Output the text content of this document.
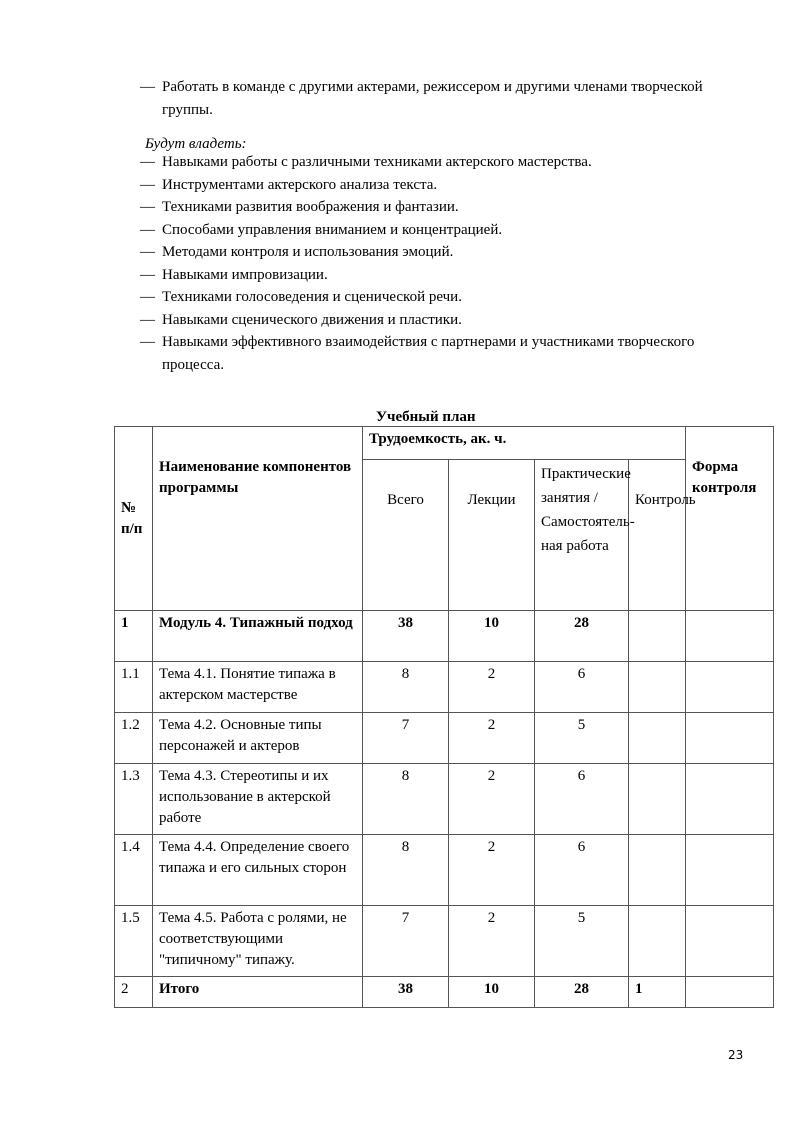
— Работать в команде с другими актерами, режиссером и другими членами творческой группы.
Будут владеть:
— Навыками работы с различными техниками актерского мастерства.
— Инструментами актерского анализа текста.
— Техниками развития воображения и фантазии.
— Способами управления вниманием и концентрацией.
— Методами контроля и использования эмоций.
— Навыками импровизации.
— Техниками голосоведения и сценической речи.
— Навыками сценического движения и пластики.
— Навыками эффективного взаимодействия с партнерами и участниками творческого процесса.
Учебный план
№ п/п	Наименование компонентов программы	Трудоемкость, ак. ч.				Форма контроля
		Всего	Лекции	Практические занятия / Самостоятель-ная работа	Контроль	
1	Модуль 4. Типажный подход	38	10	28		
1.1	Тема 4.1. Понятие типажа в актерском мастерстве	8	2	6		
1.2	Тема 4.2. Основные типы персонажей и актеров	7	2	5		
1.3	Тема 4.3. Стереотипы и их использование в актерской работе	8	2	6		
1.4	Тема 4.4. Определение своего типажа и его сильных сторон	8	2	6		
1.5	Тема 4.5. Работа с ролями, не соответствующими "типичному" типажу.	7	2	5		
2	Итого	38	10	28	1	
23
